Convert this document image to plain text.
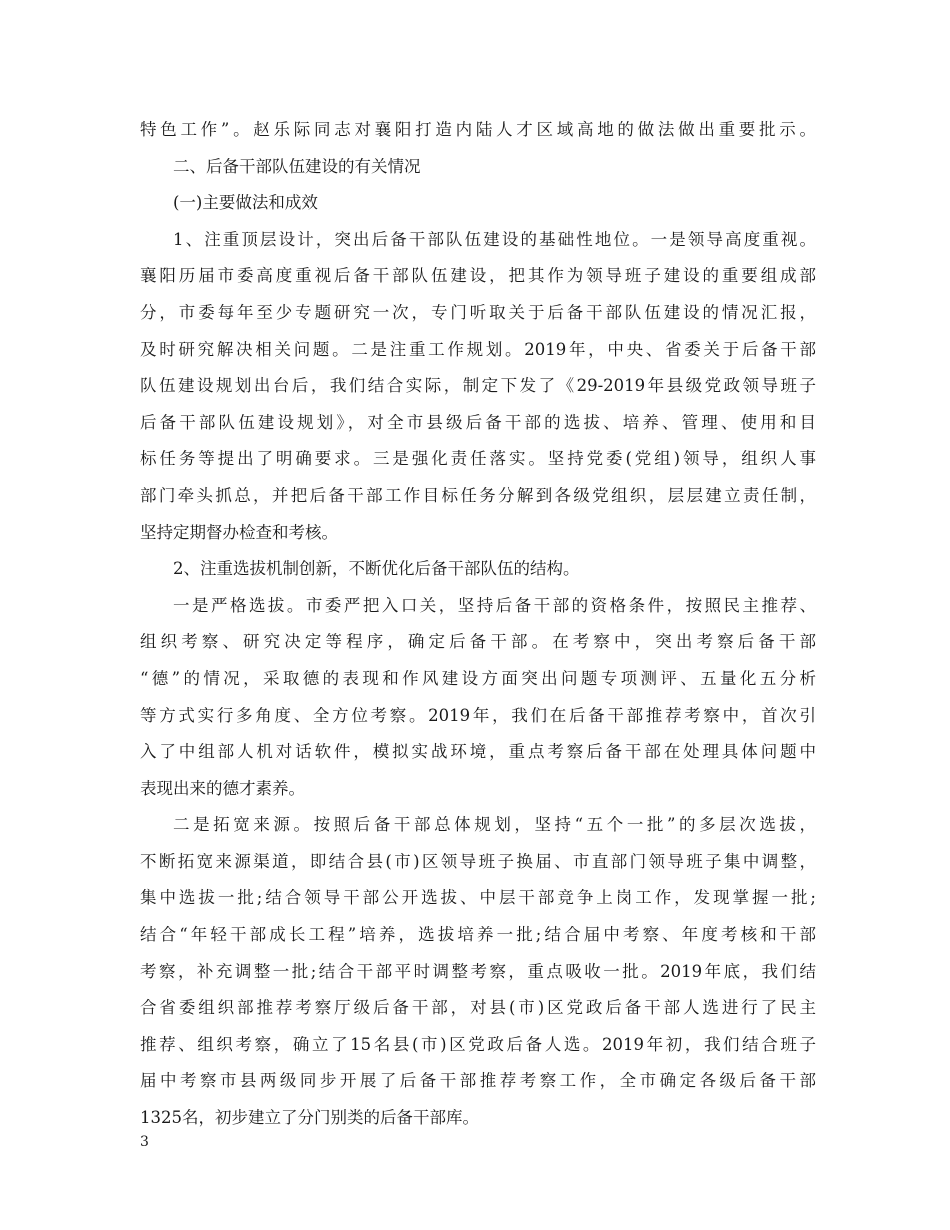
特色工作”。赵乐际同志对襄阳打造内陆人才区域高地的做法做出重要批示。
二、后备干部队伍建设的有关情况
(一)主要做法和成效
1、注重顶层设计，突出后备干部队伍建设的基础性地位。一是领导高度重视。
襄阳历届市委高度重视后备干部队伍建设，把其作为领导班子建设的重要组成部
分，市委每年至少专题研究一次，专门听取关于后备干部队伍建设的情况汇报，
及时研究解决相关问题。二是注重工作规划。2019年，中央、省委关于后备干部
队伍建设规划出台后，我们结合实际，制定下发了《29-2019年县级党政领导班子
后备干部队伍建设规划》，对全市县级后备干部的选拔、培养、管理、使用和目
标任务等提出了明确要求。三是强化责任落实。坚持党委(党组)领导，组织人事
部门牵头抓总，并把后备干部工作目标任务分解到各级党组织，层层建立责任制，
坚持定期督办检查和考核。
2、注重选拔机制创新，不断优化后备干部队伍的结构。
一是严格选拔。市委严把入口关，坚持后备干部的资格条件，按照民主推荐、
组织考察、研究决定等程序，确定后备干部。在考察中，突出考察后备干部
“德”的情况，采取德的表现和作风建设方面突出问题专项测评、五量化五分析
等方式实行多角度、全方位考察。2019年，我们在后备干部推荐考察中，首次引
入了中组部人机对话软件，模拟实战环境，重点考察后备干部在处理具体问题中
表现出来的德才素养。
二是拓宽来源。按照后备干部总体规划，坚持“五个一批”的多层次选拔，
不断拓宽来源渠道，即结合县(市)区领导班子换届、市直部门领导班子集中调整，
集中选拔一批;结合领导干部公开选拔、中层干部竞争上岗工作，发现掌握一批;
结合“年轻干部成长工程”培养，选拔培养一批;结合届中考察、年度考核和干部
考察，补充调整一批;结合干部平时调整考察，重点吸收一批。2019年底，我们结
合省委组织部推荐考察厅级后备干部，对县(市)区党政后备干部人选进行了民主
推荐、组织考察，确立了15名县(市)区党政后备人选。2019年初，我们结合班子
届中考察市县两级同步开展了后备干部推荐考察工作，全市确定各级后备干部
1325名，初步建立了分门别类的后备干部库。
3
